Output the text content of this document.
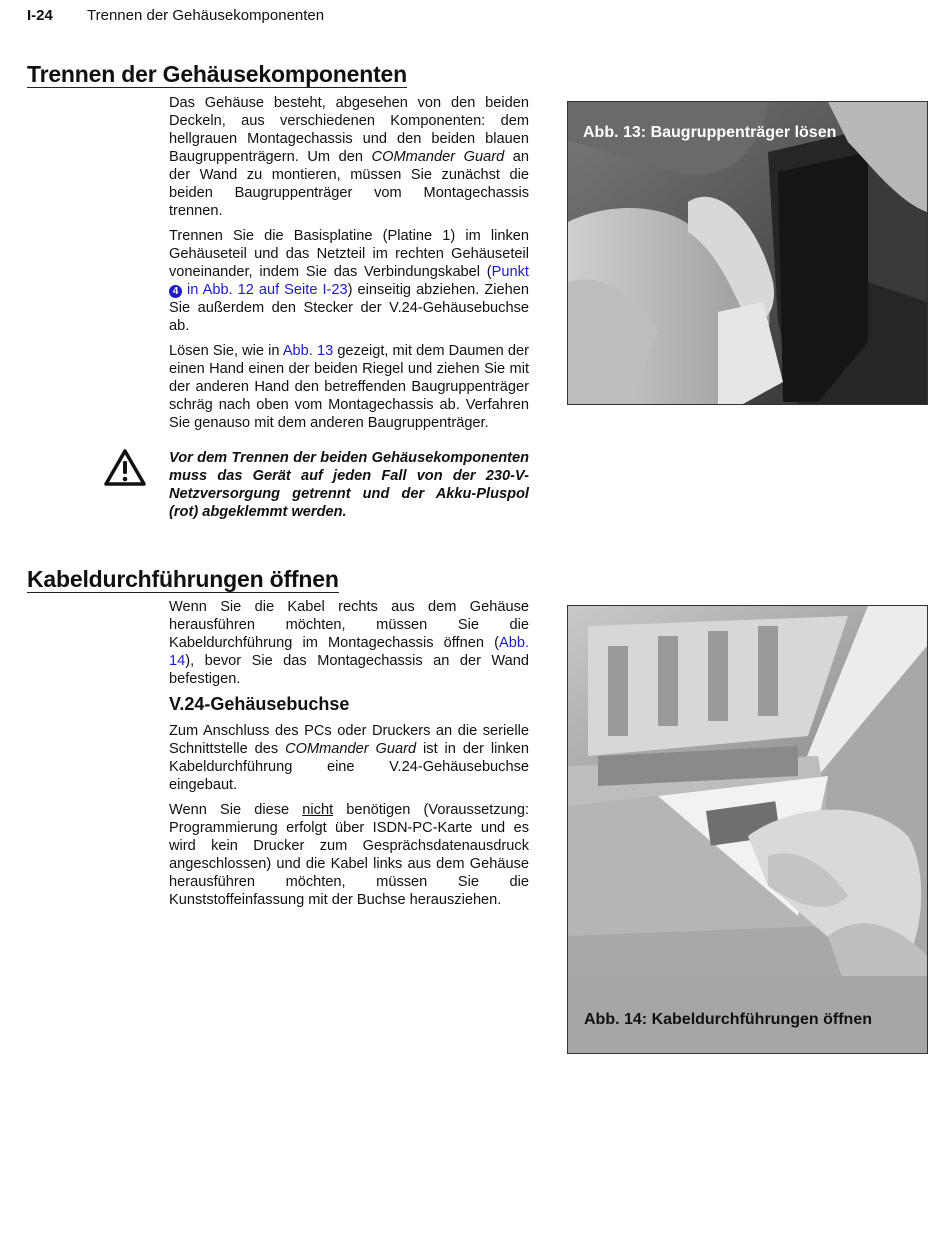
I-24 Trennen der Gehäusekomponenten
Trennen der Gehäusekomponenten

Das Gehäuse besteht, abgesehen von den beiden Deckeln, aus verschiedenen Komponenten: dem hellgrauen Montagechassis und den beiden blauen Baugruppenträgern. Um den COMmander Guard an der Wand zu montieren, müssen Sie zunächst die beiden Baugruppenträger vom Montagechassis trennen.

Trennen Sie die Basisplatine (Platine 1) im linken Gehäuseteil und das Netzteil im rechten Gehäuseteil voneinander, indem Sie das Verbindungskabel (Punkt 4 in Abb. 12 auf Seite I-23) einseitig abziehen. Ziehen Sie außerdem den Stecker der V.24-Gehäusebuchse ab.

Lösen Sie, wie in Abb. 13 gezeigt, mit dem Daumen der einen Hand einen der beiden Riegel und ziehen Sie mit der anderen Hand den betreffenden Baugruppenträger schräg nach oben vom Montagechassis ab. Verfahren Sie genauso mit dem anderen Baugruppenträger.

Vor dem Trennen der beiden Gehäusekomponenten muss das Gerät auf jeden Fall von der 230-V-Netzversorgung getrennt und der Akku-Pluspol (rot) abgeklemmt werden.
Abb. 13: Baugruppenträger lösen
Kabeldurchführungen öffnen

Wenn Sie die Kabel rechts aus dem Gehäuse herausführen möchten, müssen Sie die Kabeldurchführung im Montagechassis öffnen (Abb. 14), bevor Sie das Montagechassis an der Wand befestigen.

V.24-Gehäusebuchse

Zum Anschluss des PCs oder Druckers an die serielle Schnittstelle des COMmander Guard ist in der linken Kabeldurchführung eine V.24-Gehäusebuchse eingebaut.

Wenn Sie diese nicht benötigen (Voraussetzung: Programmierung erfolgt über ISDN-PC-Karte und es wird kein Drucker zum Gesprächsdatenausdruck angeschlossen) und die Kabel links aus dem Gehäuse herausführen möchten, müssen Sie die Kunststoffeinfassung mit der Buchse herausziehen.

Abb. 14: Kabeldurchführungen öffnen
